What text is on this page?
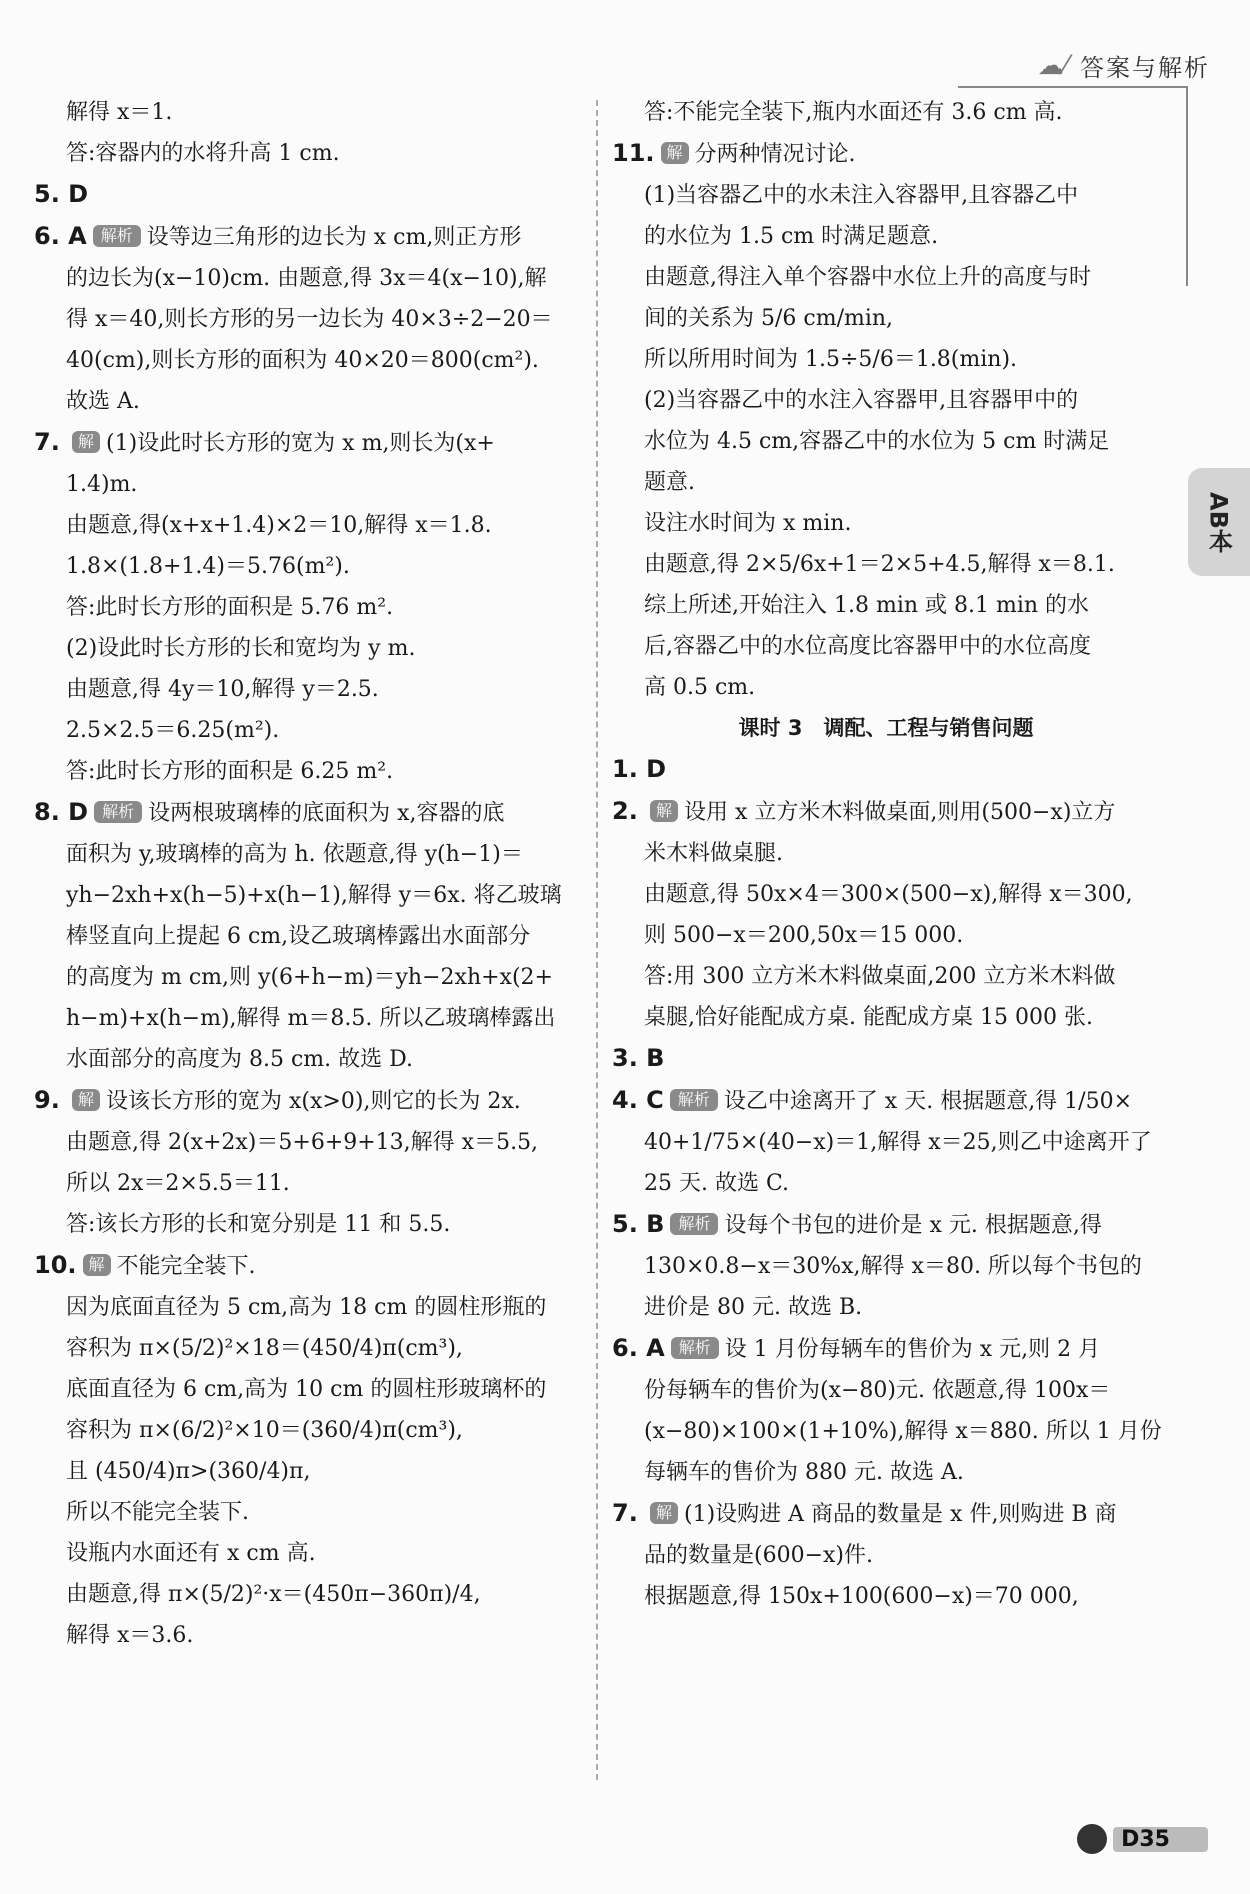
☁⁄ 答案与解析
AB本
解得 x＝1.
答:容器内的水将升高 1 cm.
5. D
6. A 解析 设等边三角形的边长为 x cm,则正方形
的边长为(x−10)cm. 由题意,得 3x＝4(x−10),解
得 x＝40,则长方形的另一边长为 40×3÷2−20＝
40(cm),则长方形的面积为 40×20＝800(cm²).
故选 A.
7. 解 (1)设此时长方形的宽为 x m,则长为(x+
1.4)m.
由题意,得(x+x+1.4)×2＝10,解得 x＝1.8.
1.8×(1.8+1.4)＝5.76(m²).
答:此时长方形的面积是 5.76 m².
(2)设此时长方形的长和宽均为 y m.
由题意,得 4y＝10,解得 y＝2.5.
2.5×2.5＝6.25(m²).
答:此时长方形的面积是 6.25 m².
8. D 解析 设两根玻璃棒的底面积为 x,容器的底
面积为 y,玻璃棒的高为 h. 依题意,得 y(h−1)＝
yh−2xh+x(h−5)+x(h−1),解得 y＝6x. 将乙玻璃
棒竖直向上提起 6 cm,设乙玻璃棒露出水面部分
的高度为 m cm,则 y(6+h−m)＝yh−2xh+x(2+
h−m)+x(h−m),解得 m＝8.5. 所以乙玻璃棒露出
水面部分的高度为 8.5 cm. 故选 D.
9. 解 设该长方形的宽为 x(x>0),则它的长为 2x.
由题意,得 2(x+2x)＝5+6+9+13,解得 x＝5.5,
所以 2x＝2×5.5＝11.
答:该长方形的长和宽分别是 11 和 5.5.
10. 解 不能完全装下.
因为底面直径为 5 cm,高为 18 cm 的圆柱形瓶的
容积为 π×(5/2)²×18＝(450/4)π(cm³),
底面直径为 6 cm,高为 10 cm 的圆柱形玻璃杯的
容积为 π×(6/2)²×10＝(360/4)π(cm³),
且 (450/4)π>(360/4)π,
所以不能完全装下.
设瓶内水面还有 x cm 高.
由题意,得 π×(5/2)²·x＝(450π−360π)/4,
解得 x＝3.6.
答:不能完全装下,瓶内水面还有 3.6 cm 高.
11. 解 分两种情况讨论.
(1)当容器乙中的水未注入容器甲,且容器乙中
的水位为 1.5 cm 时满足题意.
由题意,得注入单个容器中水位上升的高度与时
间的关系为 5/6 cm/min,
所以所用时间为 1.5÷5/6＝1.8(min).
(2)当容器乙中的水注入容器甲,且容器甲中的
水位为 4.5 cm,容器乙中的水位为 5 cm 时满足
题意.
设注水时间为 x min.
由题意,得 2×5/6x+1＝2×5+4.5,解得 x＝8.1.
综上所述,开始注入 1.8 min 或 8.1 min 的水
后,容器乙中的水位高度比容器甲中的水位高度
高 0.5 cm.
课时 3　调配、工程与销售问题
1. D
2. 解 设用 x 立方米木料做桌面,则用(500−x)立方
米木料做桌腿.
由题意,得 50x×4＝300×(500−x),解得 x＝300,
则 500−x＝200,50x＝15 000.
答:用 300 立方米木料做桌面,200 立方米木料做
桌腿,恰好能配成方桌. 能配成方桌 15 000 张.
3. B
4. C 解析 设乙中途离开了 x 天. 根据题意,得 1/50×
40+1/75×(40−x)＝1,解得 x＝25,则乙中途离开了
25 天. 故选 C.
5. B 解析 设每个书包的进价是 x 元. 根据题意,得
130×0.8−x＝30%x,解得 x＝80. 所以每个书包的
进价是 80 元. 故选 B.
6. A 解析 设 1 月份每辆车的售价为 x 元,则 2 月
份每辆车的售价为(x−80)元. 依题意,得 100x＝
(x−80)×100×(1+10%),解得 x＝880. 所以 1 月份
每辆车的售价为 880 元. 故选 A.
7. 解 (1)设购进 A 商品的数量是 x 件,则购进 B 商
品的数量是(600−x)件.
根据题意,得 150x+100(600−x)＝70 000,
D35
